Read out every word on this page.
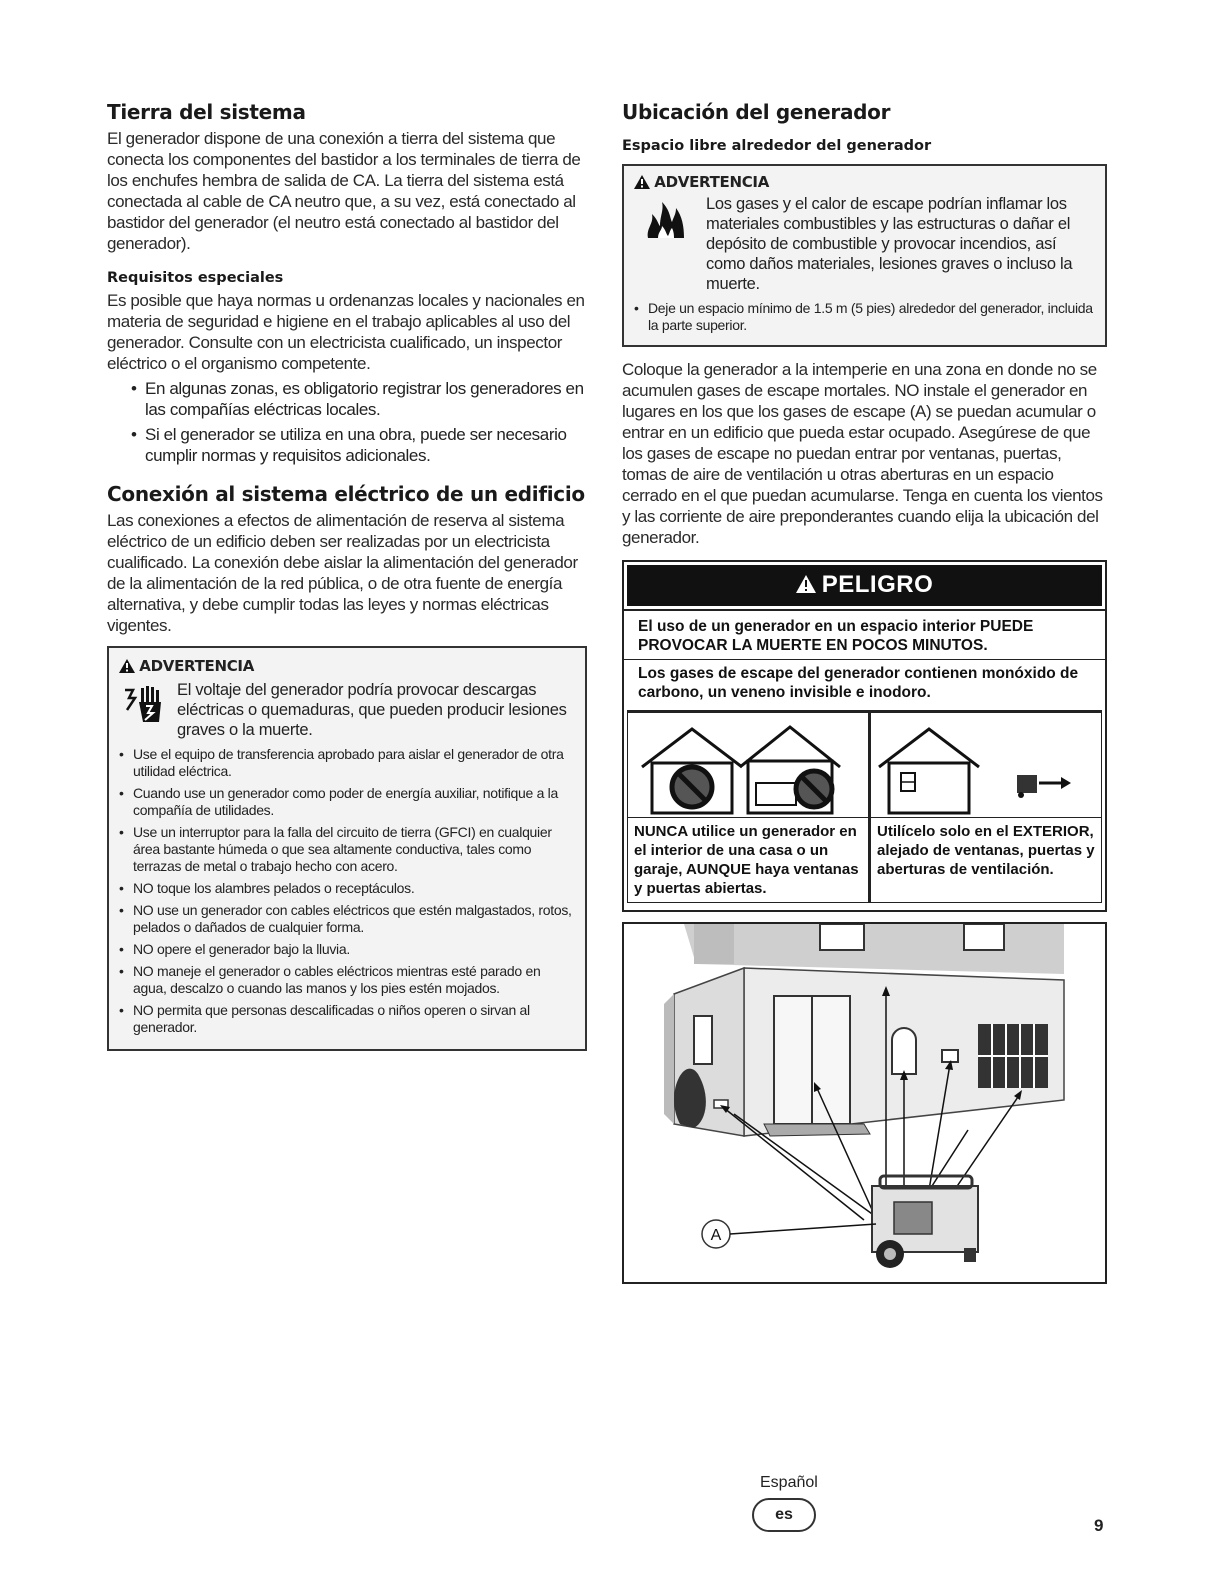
Tierra del sistema

El generador dispone de una conexión a tierra del sistema que conecta los componentes del bastidor a los terminales de tierra de los enchufes hembra de salida de CA. La tierra del sistema está conectada al cable de CA neutro que, a su vez, está conectado al bastidor del generador (el neutro está conectado al bastidor del generador).

Requisitos especiales

Es posible que haya normas u ordenanzas locales y nacionales en materia de seguridad e higiene en el trabajo aplicables al uso del generador. Consulte con un electricista cualificado, un inspector eléctrico o el organismo competente.

• En algunas zonas, es obligatorio registrar los generadores en las compañías eléctricas locales.
• Si el generador se utiliza en una obra, puede ser necesario cumplir normas y requisitos adicionales.
Conexión al sistema eléctrico de un edificio

Las conexiones a efectos de alimentación de reserva al sistema eléctrico de un edificio deben ser realizadas por un electricista cualificado. La conexión debe aislar la alimentación del generador de la alimentación de la red pública, o de otra fuente de energía alternativa, y debe cumplir todas las leyes y normas eléctricas vigentes.

ADVERTENCIA
El voltaje del generador podría provocar descargas eléctricas o quemaduras, que pueden producir lesiones graves o la muerte.
• Use el equipo de transferencia aprobado para aislar el generador de otra utilidad eléctrica.
• Cuando use un generador como poder de energía auxiliar, notifique a la compañía de utilidades.
• Use un interruptor para la falla del circuito de tierra (GFCI) en cualquier área bastante húmeda o que sea altamente conductiva, tales como terrazas de metal o trabajo hecho con acero.
• NO toque los alambres pelados o receptáculos.
• NO use un generador con cables eléctricos que estén malgastados, rotos, pelados o dañados de cualquier forma.
• NO opere el generador bajo la lluvia.
• NO maneje el generador o cables eléctricos mientras esté parado en agua, descalzo o cuando las manos y los pies estén mojados.
• NO permita que personas descalificadas o niños operen o sirvan al generador.
Ubicación del generador
Espacio libre alrededor del generador
ADVERTENCIA
Los gases y el calor de escape podrían inflamar los materiales combustibles y las estructuras o dañar el depósito de combustible y provocar incendios, así como daños materiales, lesiones graves o incluso la muerte.
• Deje un espacio mínimo de 1.5 m (5 pies) alrededor del generador, incluida la parte superior.

Coloque la generador a la intemperie en una zona en donde no se acumulen gases de escape mortales. NO instale el generador en lugares en los que los gases de escape (A) se puedan acumular o entrar en un edificio que pueda estar ocupado. Asegúrese de que los gases de escape no puedan entrar por ventanas, puertas, tomas de aire de ventilación u otras aberturas en un espacio cerrado en el que puedan acumularse. Tenga en cuenta los vientos y las corriente de aire preponderantes cuando elija la ubicación del generador.

PELIGRO
El uso de un generador en un espacio interior PUEDE PROVOCAR LA MUERTE EN POCOS MINUTOS.
Los gases de escape del generador contienen monóxido de carbono, un veneno invisible e inodoro.
NUNCA utilice un generador en el interior de una casa o un garaje, AUNQUE haya ventanas y puertas abiertas.
Utilícelo solo en el EXTERIOR, alejado de ventanas, puertas y aberturas de ventilación.
A
Español
es
9
